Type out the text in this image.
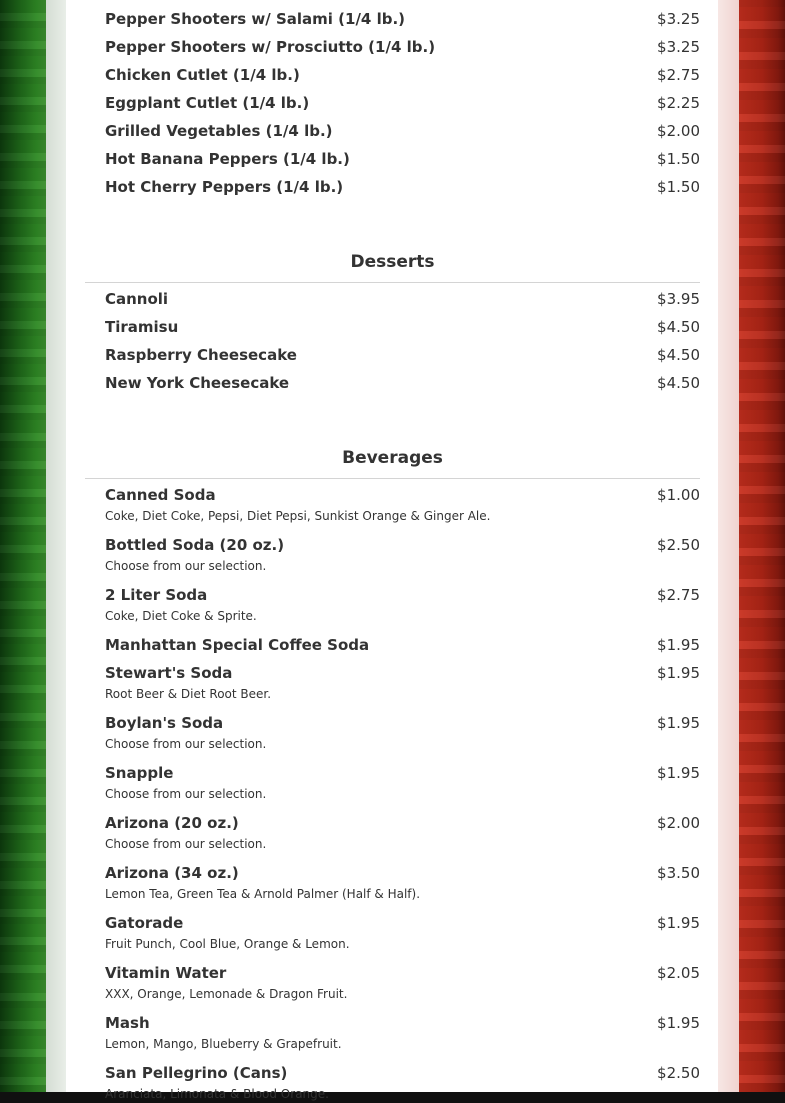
Pepper Shooters w/ Salami (1/4 lb.)	$3.25
Pepper Shooters w/ Prosciutto (1/4 lb.)	$3.25
Chicken Cutlet (1/4 lb.)	$2.75
Eggplant Cutlet (1/4 lb.)	$2.25
Grilled Vegetables (1/4 lb.)	$2.00
Hot Banana Peppers (1/4 lb.)	$1.50
Hot Cherry Peppers (1/4 lb.)	$1.50
Desserts
Cannoli	$3.95
Tiramisu	$4.50
Raspberry Cheesecake	$4.50
New York Cheesecake	$4.50
Beverages
Canned Soda	$1.00
Coke, Diet Coke, Pepsi, Diet Pepsi, Sunkist Orange & Ginger Ale.
Bottled Soda (20 oz.)	$2.50
Choose from our selection.
2 Liter Soda	$2.75
Coke, Diet Coke & Sprite.
Manhattan Special Coffee Soda	$1.95
Stewart's Soda	$1.95
Root Beer & Diet Root Beer.
Boylan's Soda	$1.95
Choose from our selection.
Snapple	$1.95
Choose from our selection.
Arizona (20 oz.)	$2.00
Choose from our selection.
Arizona (34 oz.)	$3.50
Lemon Tea, Green Tea & Arnold Palmer (Half & Half).
Gatorade	$1.95
Fruit Punch, Cool Blue, Orange & Lemon.
Vitamin Water	$2.05
XXX, Orange, Lemonade & Dragon Fruit.
Mash	$1.95
Lemon, Mango, Blueberry & Grapefruit.
San Pellegrino (Cans)	$2.50
Aranciata, Limonata & Blood Orange.
